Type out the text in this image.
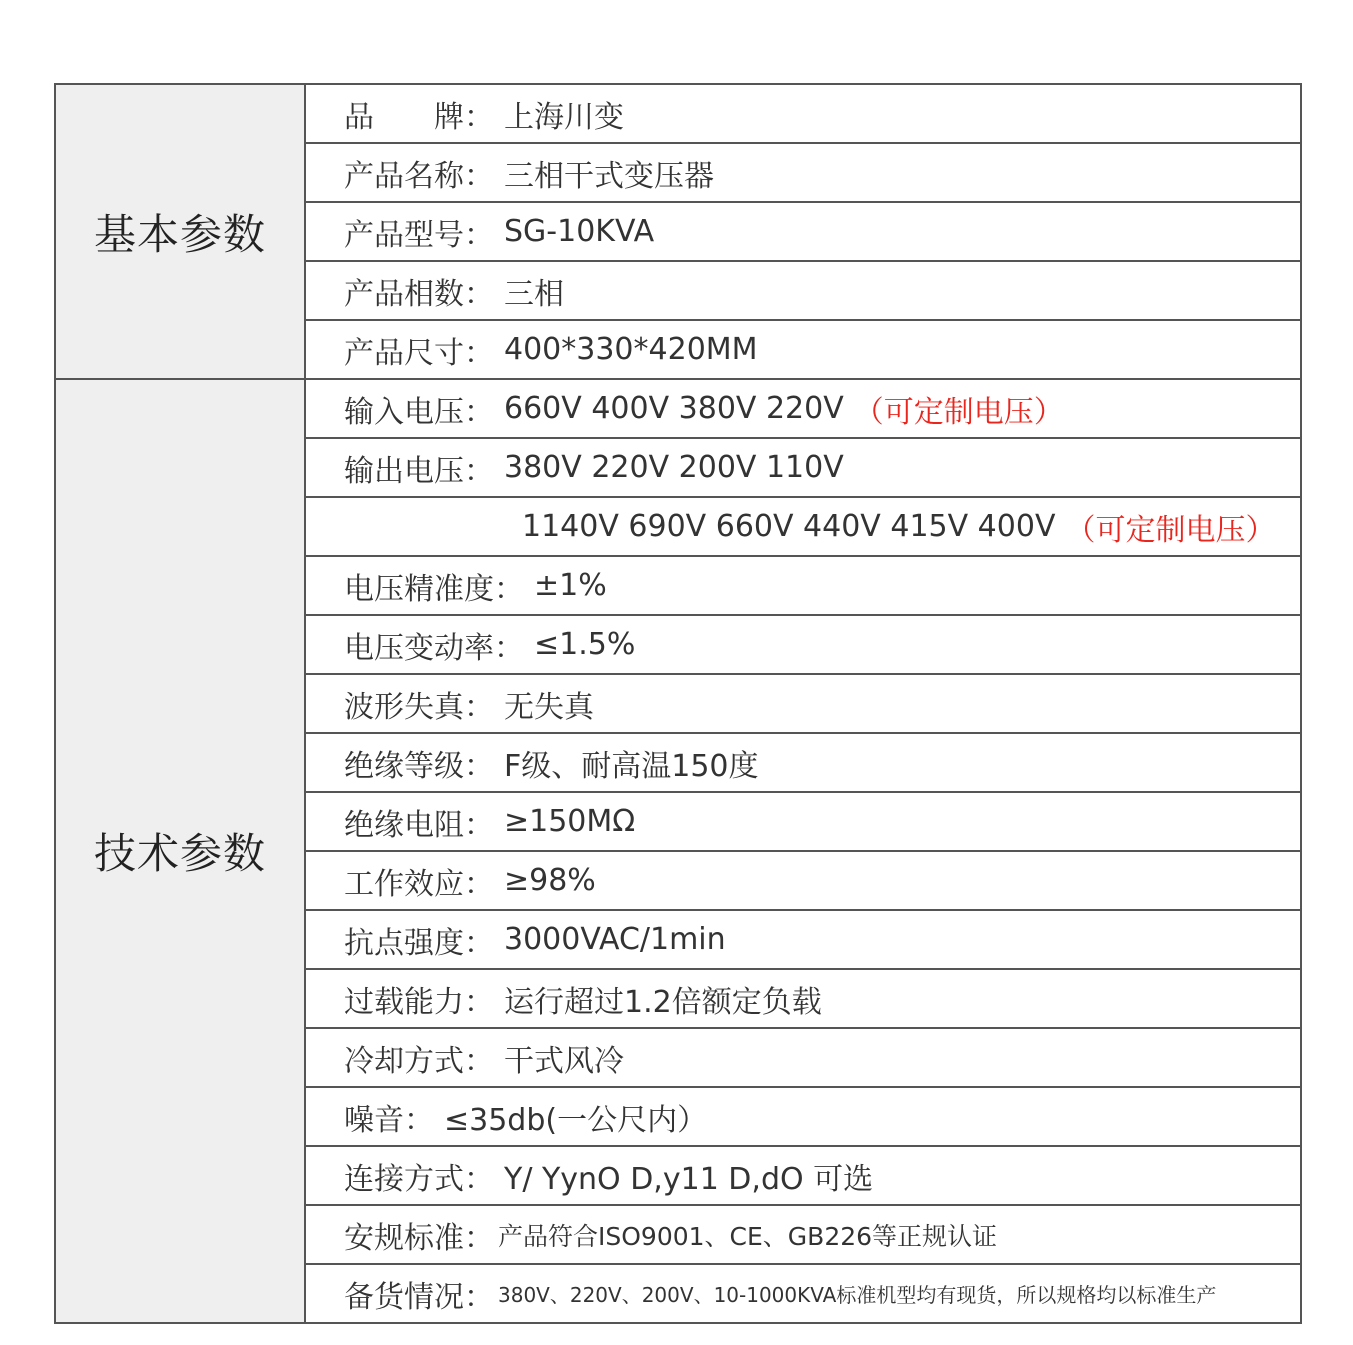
基本参数
品　　牌： 上海川变
产品名称： 三相干式变压器
产品型号： SG-10KVA
产品相数： 三相
产品尺寸： 400*330*420MM
技术参数
输入电压： 660V 400V 380V 220V （可定制电压）
输出电压： 380V 220V 200V 110V
1140V 690V 660V 440V 415V 400V （可定制电压）
电压精准度： ±1%
电压变动率： ≤1.5%
波形失真： 无失真
绝缘等级： F级、耐高温150度
绝缘电阻： ≥150MΩ
工作效应： ≥98%
抗点强度： 3000VAC/1min
过载能力： 运行超过1.2倍额定负载
冷却方式： 干式风冷
噪音： ≤35db(一公尺内）
连接方式： Y/ YynO D,y11 D,dO 可选
安规标准： 产品符合ISO9001、CE、GB226等正规认证
备货情况： 380V、220V、200V、10-1000KVA标准机型均有现货，所以规格均以标准生产
